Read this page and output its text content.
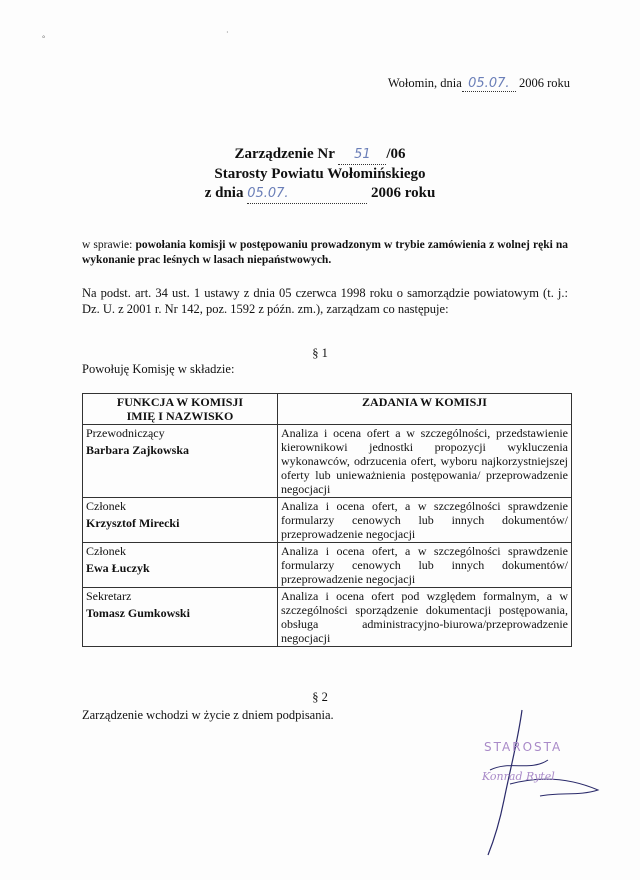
°
·
Wołomin, dnia 05.07. 2006 roku
Zarządzenie Nr 51 /06
Starosty Powiatu Wołomińskiego
z dnia 05.07.	2006 roku
w sprawie: powołania komisji w postępowaniu prowadzonym w trybie zamówienia z wolnej ręki na wykonanie prac leśnych w lasach niepaństwowych.
Na podst. art. 34 ust. 1 ustawy z dnia 05 czerwca 1998 roku o samorządzie powiatowym (t. j.: Dz. U. z 2001 r. Nr 142, poz. 1592 z późn. zm.), zarządzam co następuje:
§ 1
Powołuję Komisję w składzie:
FUNKCJA W KOMISJI
IMIĘ I NAZWISKO	ZADANIA W KOMISJI
Przewodniczący
Barbara Zajkowska	Analiza i ocena ofert a w szczególności, przedstawienie kierownikowi jednostki propozycji wykluczenia wykonawców, odrzucenia ofert, wyboru najkorzystniejszej oferty lub unieważnienia postępowania/ przeprowadzenie negocjacji
Członek
Krzysztof Mirecki	Analiza i ocena ofert, a w szczególności sprawdzenie formularzy cenowych lub innych dokumentów/ przeprowadzenie negocjacji
Członek
Ewa Łuczyk	Analiza i ocena ofert, a w szczególności sprawdzenie formularzy cenowych lub innych dokumentów/ przeprowadzenie negocjacji
Sekretarz
Tomasz Gumkowski	Analiza i ocena ofert pod względem formalnym, a w szczególności sporządzenie dokumentacji postępowania, obsługa administracyjno-biurowa/przeprowadzenie negocjacji
§ 2
Zarządzenie wchodzi w życie z dniem podpisania.
STAROSTA
Konrad Rytel
